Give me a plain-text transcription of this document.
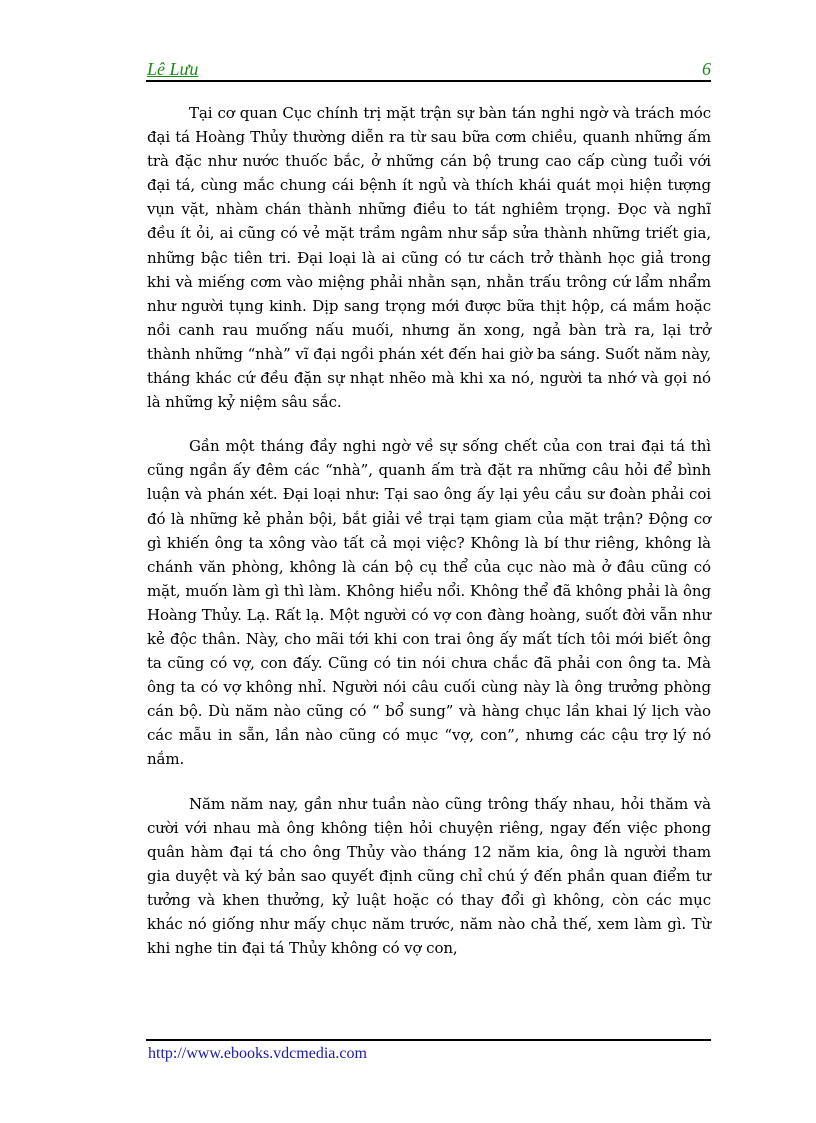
Lê Lưu	6

Tại cơ quan Cục chính trị mặt trận sự bàn tán nghi ngờ và trách móc đại tá Hoàng Thủy thường diễn ra từ sau bữa cơm chiều, quanh những ấm trà đặc như nước thuốc bắc, ở những cán bộ trung cao cấp cùng tuổi với đại tá, cùng mắc chung cái bệnh ít ngủ và thích khái quát mọi hiện tượng vụn vặt, nhàm chán thành những điều to tát nghiêm trọng. Đọc và nghĩ đều ít ỏi, ai cũng có vẻ mặt trầm ngâm như sắp sửa thành những triết gia, những bậc tiên tri. Đại loại là ai cũng có tư cách trở thành học giả trong khi và miếng cơm vào miệng phải nhằn sạn, nhằn trấu trông cứ lẩm nhẩm như người tụng kinh. Dịp sang trọng mới được bữa thịt hộp, cá mắm hoặc nồi canh rau muống nấu muối, nhưng ăn xong, ngả bàn trà ra, lại trở thành những “nhà” vĩ đại ngồi phán xét đến hai giờ ba sáng. Suốt năm này, tháng khác cứ đều đặn sự nhạt nhẽo mà khi xa nó, người ta nhớ và gọi nó là những kỷ niệm sâu sắc.

Gần một tháng đầy nghi ngờ về sự sống chết của con trai đại tá thì cũng ngần ấy đêm các “nhà”, quanh ấm trà đặt ra những câu hỏi để bình luận và phán xét. Đại loại như: Tại sao ông ấy lại yêu cầu sư đoàn phải coi đó là những kẻ phản bội, bắt giải về trại tạm giam của mặt trận? Động cơ gì khiến ông ta xông vào tất cả mọi việc? Không là bí thư riêng, không là chánh văn phòng, không là cán bộ cụ thể của cục nào mà ở đâu cũng có mặt, muốn làm gì thì làm. Không hiểu nổi. Không thể đã không phải là ông Hoàng Thủy. Lạ. Rất lạ. Một người có vợ con đàng hoàng, suốt đời vẫn như kẻ độc thân. Này, cho mãi tới khi con trai ông ấy mất tích tôi mới biết ông ta cũng có vợ, con đấy. Cũng có tin nói chưa chắc đã phải con ông ta. Mà ông ta có vợ không nhỉ. Người nói câu cuối cùng này là ông trưởng phòng cán bộ. Dù năm nào cũng có “ bổ sung” và hàng chục lần khai lý lịch vào các mẫu in sẵn, lần nào cũng có mục “vợ, con”, nhưng các cậu trợ lý nó nắm.

Năm năm nay, gần như tuần nào cũng trông thấy nhau, hỏi thăm và cười với nhau mà ông không tiện hỏi chuyện riêng, ngay đến việc phong quân hàm đại tá cho ông Thủy vào tháng 12 năm kia, ông là người tham gia duyệt và ký bản sao quyết định cũng chỉ chú ý đến phần quan điểm tư tưởng và khen thưởng, kỷ luật hoặc có thay đổi gì không, còn các mục khác nó giống như mấy chục năm trước, năm nào chả thế, xem làm gì. Từ khi nghe tin đại tá Thủy không có vợ con,

http://www.ebooks.vdcmedia.com
